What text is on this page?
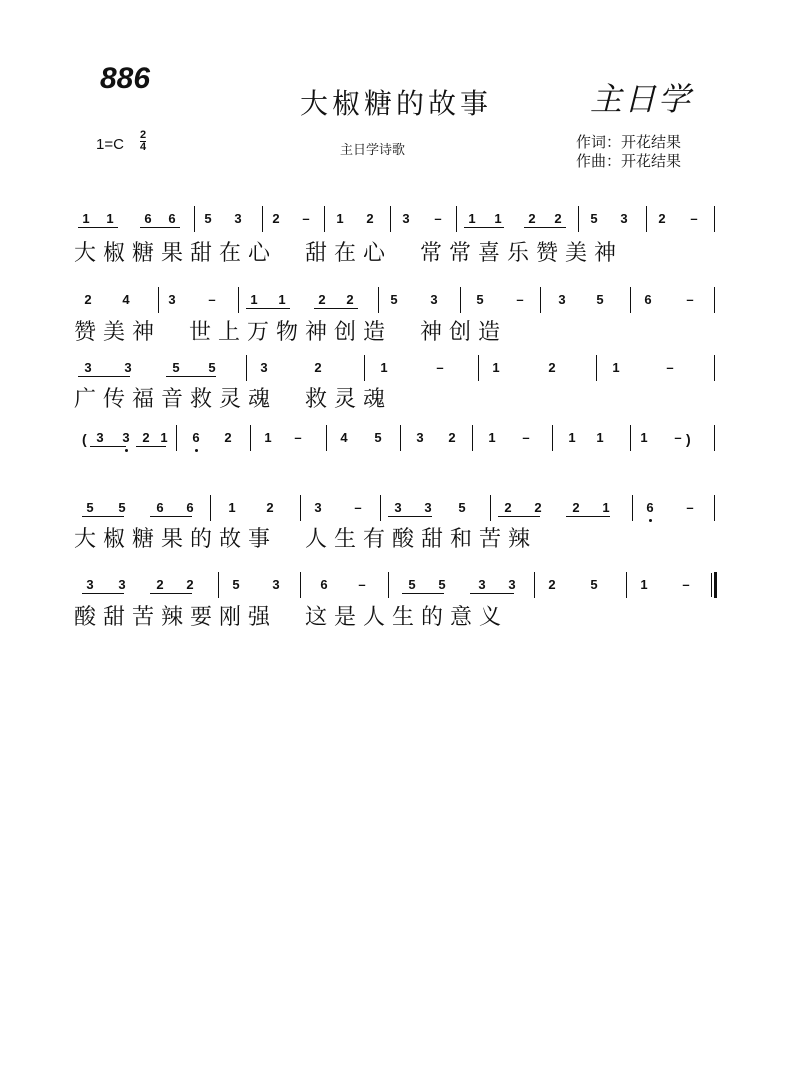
886
大椒糖的故事	主日学
1=C
2
4	主日学诗歌	作词：开花结果
作曲：开花结果
1 1 6 6 5 3 2 – 1 2 3 – 1 1 2 2 5 3 2 –
大椒糖果甜在心  甜在心  常常喜乐赞美神
2 4	3	–	1 1	2 2	5	3	5	–	3 5	6	–
赞美神  世上万物神创造  神创造
3	3	5 5	3	2	1	–	1	2	1	–
广传福音救灵魂  救灵魂
( 3 3 2 1 6 2	1 –	4 5	3 2	1 –	1 1	1 – )
5 5 6 6	1 2	3	–	3 3 5	2 2 2 1	6	–
大椒糖果的故事  人生有酸甜和苦辣
3 3 2 2	5	3	6 –	5 5	3 3	2	5	1	–
酸甜苦辣要刚强  这是人生的意义
